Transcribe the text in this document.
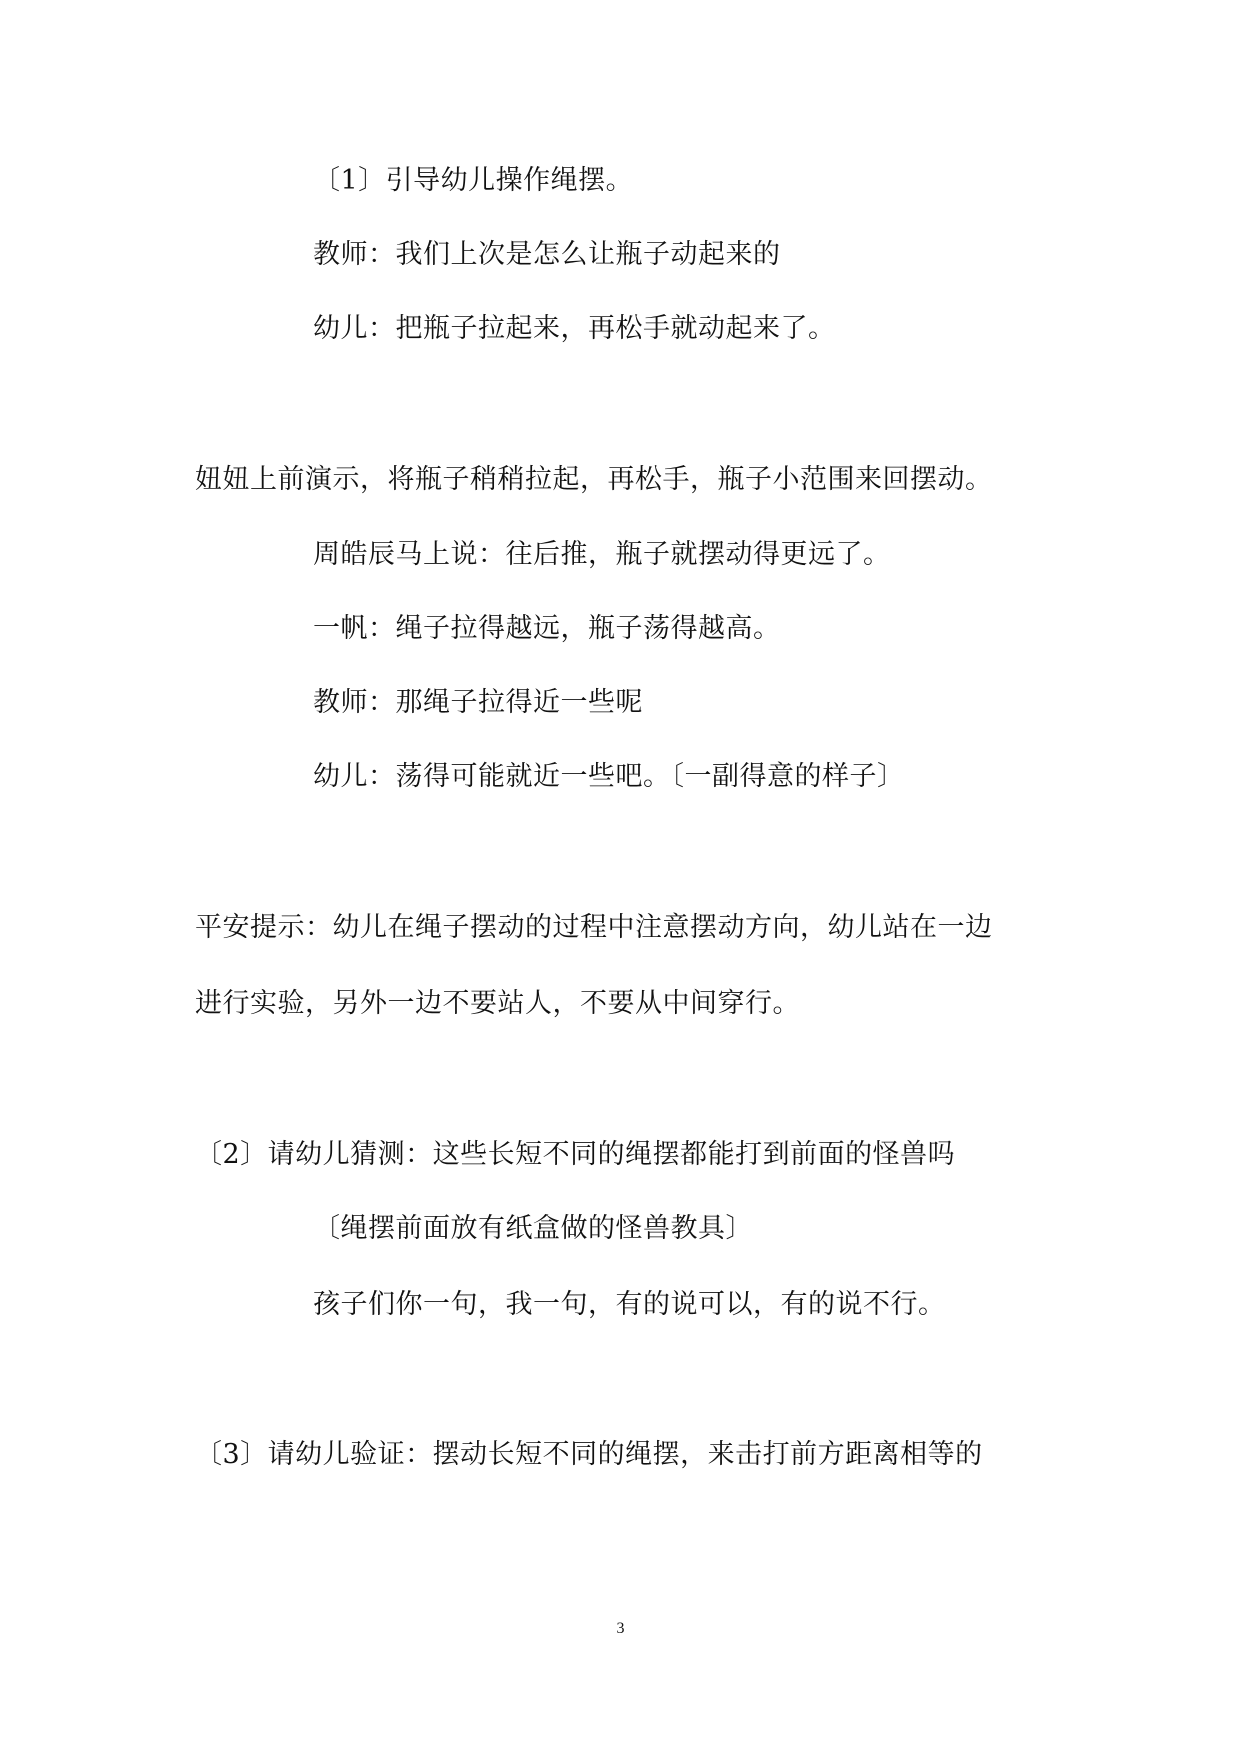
〔1〕引导幼儿操作绳摆。
教师：我们上次是怎么让瓶子动起来的
幼儿：把瓶子拉起来，再松手就动起来了。
妞妞上前演示，将瓶子稍稍拉起，再松手，瓶子小范围来回摆动。
周皓辰马上说：往后推，瓶子就摆动得更远了。
一帆：绳子拉得越远，瓶子荡得越高。
教师：那绳子拉得近一些呢
幼儿：荡得可能就近一些吧。〔一副得意的样子〕
平安提示：幼儿在绳子摆动的过程中注意摆动方向，幼儿站在一边
进行实验，另外一边不要站人，不要从中间穿行。
〔2〕请幼儿猜测：这些长短不同的绳摆都能打到前面的怪兽吗
〔绳摆前面放有纸盒做的怪兽教具〕
孩子们你一句，我一句，有的说可以，有的说不行。
〔3〕请幼儿验证：摆动长短不同的绳摆，来击打前方距离相等的
3
